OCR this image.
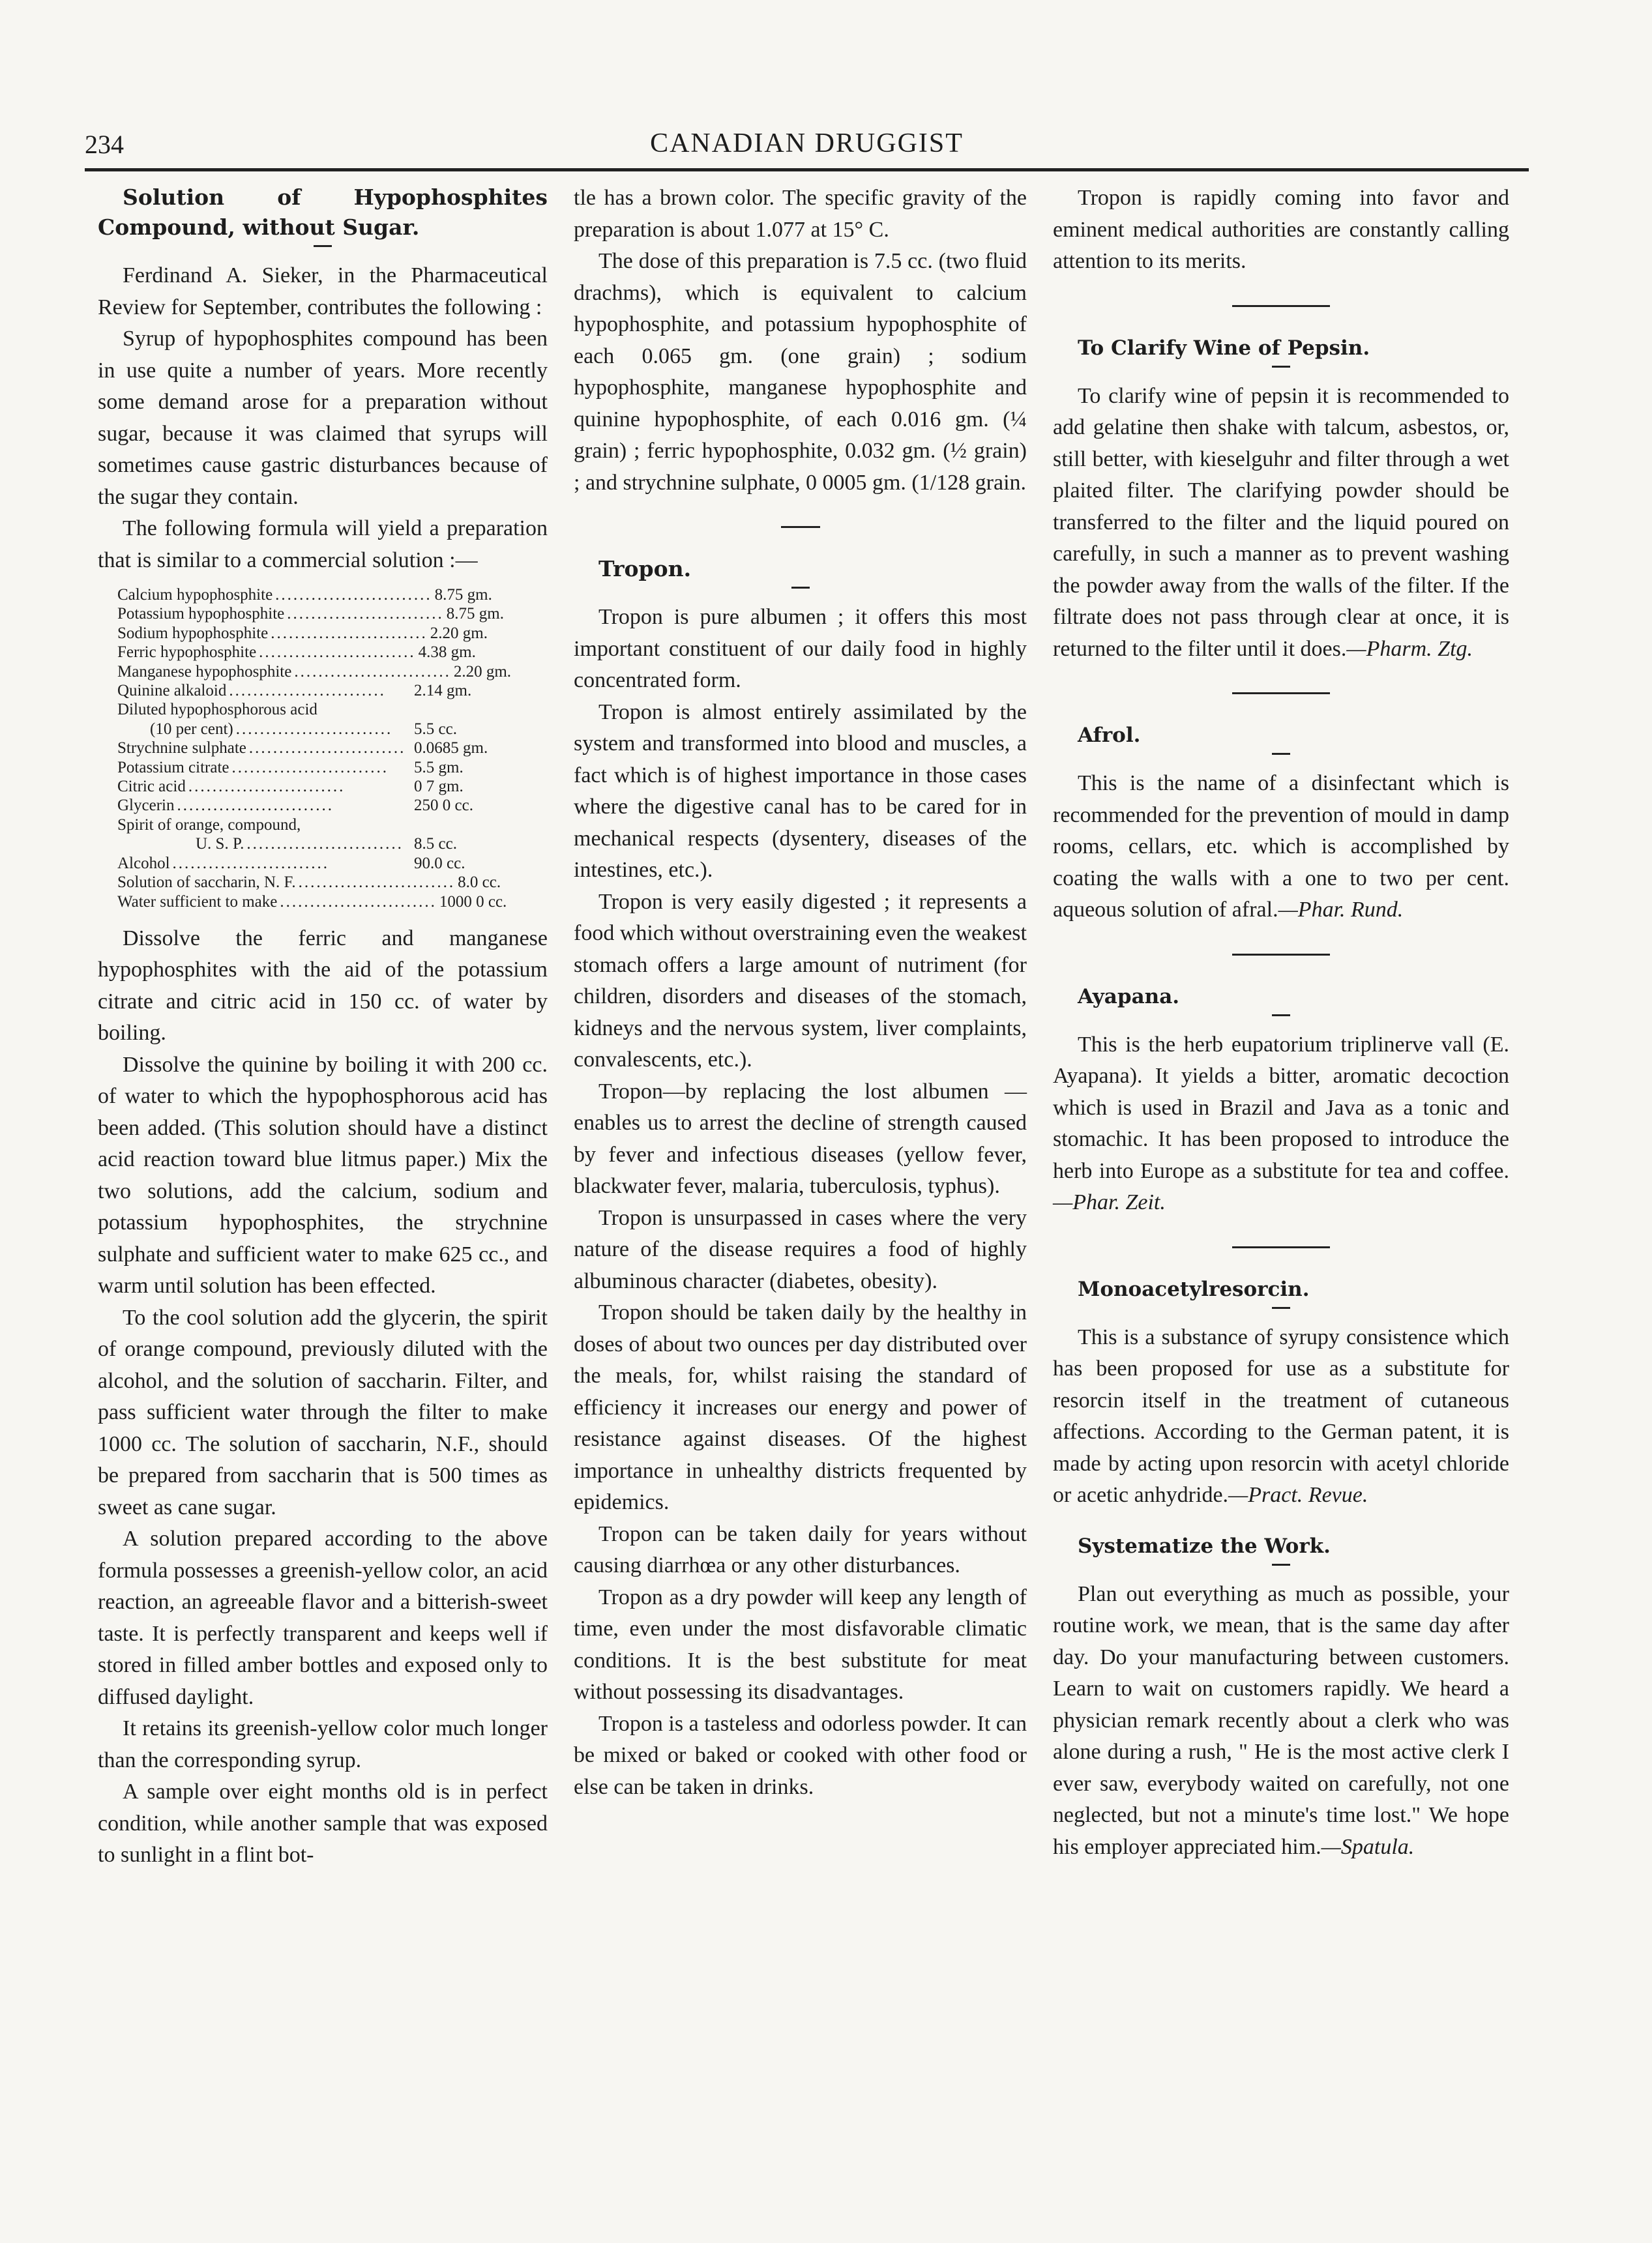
234	CANADIAN DRUGGIST

Solution of Hypophosphites Compound, without Sugar.

Ferdinand A. Sieker, in the Pharmaceutical Review for September, contributes the following :

Syrup of hypophosphites compound has been in use quite a number of years. More recently some demand arose for a preparation without sugar, because it was claimed that syrups will sometimes cause gastric disturbances because of the sugar they contain.

The following formula will yield a preparation that is similar to a commercial solution :—

Calcium hypophosphite .......................... 8.75 gm.
Potassium hypophosphite .......................... 8.75 gm.
Sodium hypophosphite .......................... 2.20 gm.
Ferric hypophosphite .......................... 4.38 gm.
Manganese hypophosphite .......................... 2.20 gm.
Quinine alkaloid ..........................	2.14 gm.
Diluted hypophosphorous acid
(10 per cent) ..........................	5.5 cc.
Strychnine sulphate .......................... 0.0685 gm.
Potassium citrate ..........................	5.5 gm.
Citric acid ..........................	0 7 gm.
Glycerin ..........................	250 0 cc.
Spirit of orange, compound,
U. S. P. .......................... 8.5 cc.
Alcohol ..........................	90.0 cc.
Solution of saccharin, N. F. .......................... 8.0 cc.
Water sufficient to make .......................... 1000 0 cc.

Dissolve the ferric and manganese hypophosphites with the aid of the potassium citrate and citric acid in 150 cc. of water by boiling.

Dissolve the quinine by boiling it with 200 cc. of water to which the hypophosphorous acid has been added. (This solution should have a distinct acid reaction toward blue litmus paper.) Mix the two solutions, add the calcium, sodium and potassium hypophosphites, the strychnine sulphate and sufficient water to make 625 cc., and warm until solution has been effected.

To the cool solution add the glycerin, the spirit of orange compound, previously diluted with the alcohol, and the solution of saccharin. Filter, and pass sufficient water through the filter to make 1000 cc. The solution of saccharin, N.F., should be prepared from saccharin that is 500 times as sweet as cane sugar.

A solution prepared according to the above formula possesses a greenish-yellow color, an acid reaction, an agreeable flavor and a bitterish-sweet taste. It is perfectly transparent and keeps well if stored in filled amber bottles and exposed only to diffused daylight.

It retains its greenish-yellow color much longer than the corresponding syrup.

A sample over eight months old is in perfect condition, while another sample that was exposed to sunlight in a flint bot-

tle has a brown color. The specific gravity of the preparation is about 1.077 at 15° C.

The dose of this preparation is 7.5 cc. (two fluid drachms), which is equivalent to calcium hypophosphite, and potassium hypophosphite of each 0.065 gm. (one grain) ; sodium hypophosphite, manganese hypophosphite and quinine hypophosphite, of each 0.016 gm. (¼ grain) ; ferric hypophosphite, 0.032 gm. (½ grain) ; and strychnine sulphate, 0 0005 gm. (1/128 grain.

Tropon.

Tropon is pure albumen ; it offers this most important constituent of our daily food in highly concentrated form.

Tropon is almost entirely assimilated by the system and transformed into blood and muscles, a fact which is of highest importance in those cases where the digestive canal has to be cared for in mechanical respects (dysentery, diseases of the intestines, etc.).

Tropon is very easily digested ; it represents a food which without overstraining even the weakest stomach offers a large amount of nutriment (for children, disorders and diseases of the stomach, kidneys and the nervous system, liver complaints, convalescents, etc.).

Tropon—by replacing the lost albumen — enables us to arrest the decline of strength caused by fever and infectious diseases (yellow fever, blackwater fever, malaria, tuberculosis, typhus).

Tropon is unsurpassed in cases where the very nature of the disease requires a food of highly albuminous character (diabetes, obesity).

Tropon should be taken daily by the healthy in doses of about two ounces per day distributed over the meals, for, whilst raising the standard of efficiency it increases our energy and power of resistance against diseases. Of the highest importance in unhealthy districts frequented by epidemics.

Tropon can be taken daily for years without causing diarrhœa or any other disturbances.

Tropon as a dry powder will keep any length of time, even under the most disfavorable climatic conditions. It is the best substitute for meat without possessing its disadvantages.

Tropon is a tasteless and odorless powder. It can be mixed or baked or cooked with other food or else can be taken in drinks.

Tropon is rapidly coming into favor and eminent medical authorities are constantly calling attention to its merits.

To Clarify Wine of Pepsin.

To clarify wine of pepsin it is recommended to add gelatine then shake with talcum, asbestos, or, still better, with kieselguhr and filter through a wet plaited filter. The clarifying powder should be transferred to the filter and the liquid poured on carefully, in such a manner as to prevent washing the powder away from the walls of the filter. If the filtrate does not pass through clear at once, it is returned to the filter until it does.—Pharm. Ztg.

Afrol.

This is the name of a disinfectant which is recommended for the prevention of mould in damp rooms, cellars, etc. which is accomplished by coating the walls with a one to two per cent. aqueous solution of afral.—Phar. Rund.

Ayapana.

This is the herb eupatorium triplinerve vall (E. Ayapana). It yields a bitter, aromatic decoction which is used in Brazil and Java as a tonic and stomachic. It has been proposed to introduce the herb into Europe as a substitute for tea and coffee.—Phar. Zeit.

Monoacetylresorcin.

This is a substance of syrupy consistence which has been proposed for use as a substitute for resorcin itself in the treatment of cutaneous affections. According to the German patent, it is made by acting upon resorcin with acetyl chloride or acetic anhydride.—Pract. Revue.

Systematize the Work.

Plan out everything as much as possible, your routine work, we mean, that is the same day after day. Do your manufacturing between customers. Learn to wait on customers rapidly. We heard a physician remark recently about a clerk who was alone during a rush, " He is the most active clerk I ever saw, everybody waited on carefully, not one neglected, but not a minute's time lost." We hope his employer appreciated him.—Spatula.
